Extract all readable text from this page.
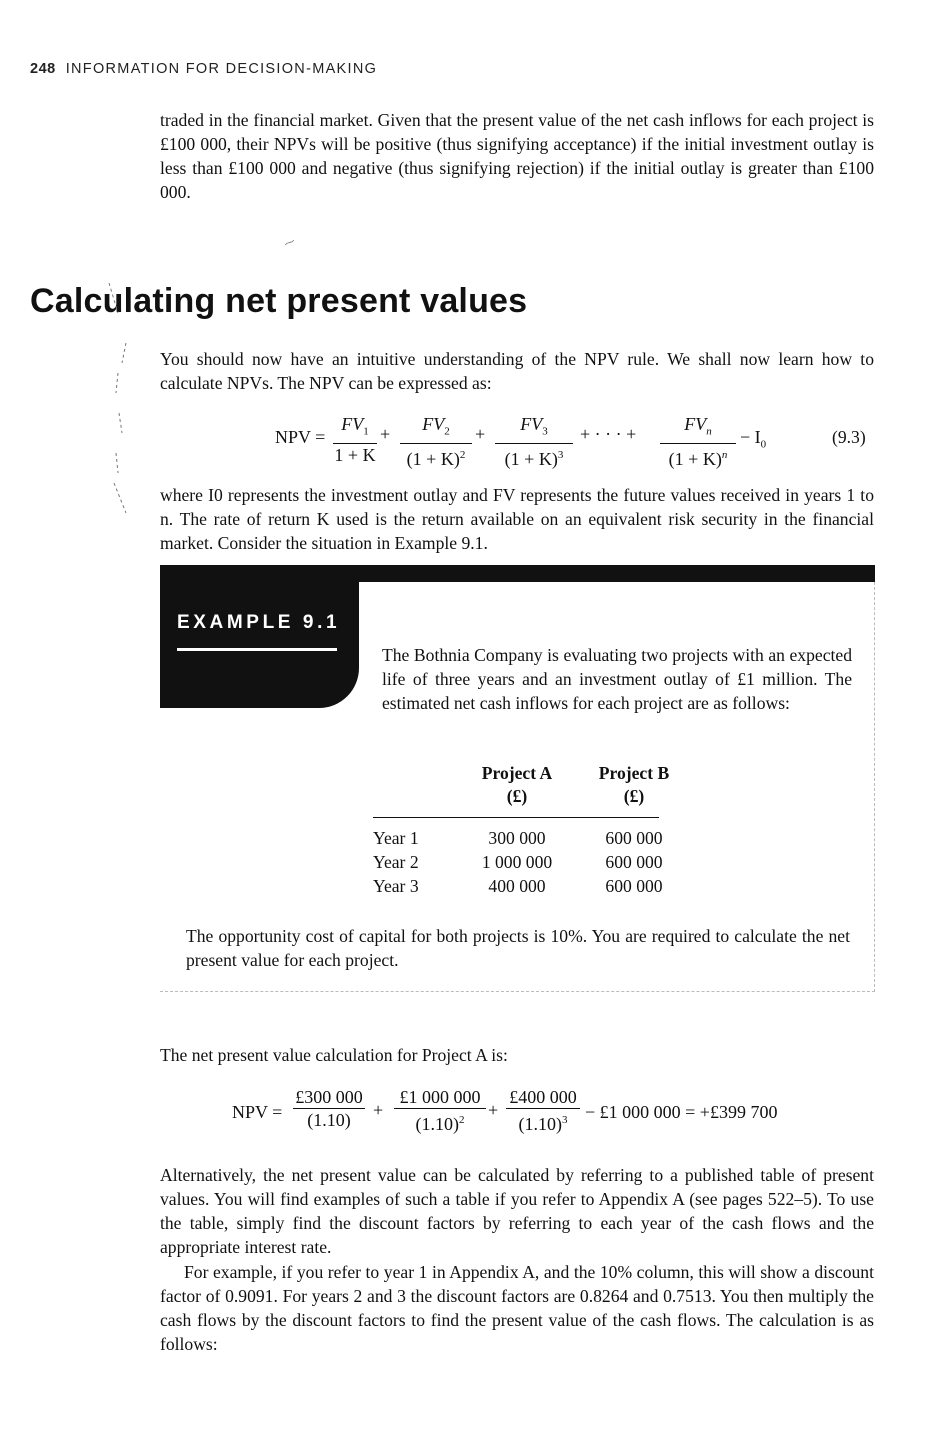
248 INFORMATION FOR DECISION-MAKING
traded in the financial market. Given that the present value of the net cash inflows for each project is £100 000, their NPVs will be positive (thus signifying acceptance) if the initial investment outlay is less than £100 000 and negative (thus signifying rejection) if the initial outlay is greater than £100 000.
⁓
Calculating net present values
You should now have an intuitive understanding of the NPV rule. We shall now learn how to calculate NPVs. The NPV can be expressed as:
NPV = $\frac{FV_1}{1 + K} + \frac{FV_2}{(1 + K)^2} + \frac{FV_3}{(1 + K)^3}$ + · · · +	$FV_n$
$(1 + K)^n$
− $I_0$	(9.3)
where I0 represents the investment outlay and FV represents the future values received in years 1 to n. The rate of return K used is the return available on an equivalent risk security in the financial market. Consider the situation in Example 9.1.
EXAMPLE 9.1
The Bothnia Company is evaluating two projects with an expected life of three years and an investment outlay of £1 million. The estimated net cash inflows for each project are as follows:
	Project A	Project B
	(£)	(£)

Year 1	300 000	600 000
Year 2	1 000 000	600 000
Year 3	400 000	600 000
The opportunity cost of capital for both projects is 10%. You are required to calculate the net present value for each project.
The net present value calculation for Project A is:
NPV = $\frac{£300 000}{(1.10)} + \frac{£1 000 000}{(1.10)^2} + \frac{£400 000}{(1.10)^3}$ − £1 000 000 = +£399 700
Alternatively, the net present value can be calculated by referring to a published table of present values. You will find examples of such a table if you refer to Appendix A (see pages 522–5). To use the table, simply find the discount factors by referring to each year of the cash flows and the appropriate interest rate.
For example, if you refer to year 1 in Appendix A, and the 10% column, this will show a discount factor of 0.9091. For years 2 and 3 the discount factors are 0.8264 and 0.7513. You then multiply the cash flows by the discount factors to find the present value of the cash flows. The calculation is as follows:
